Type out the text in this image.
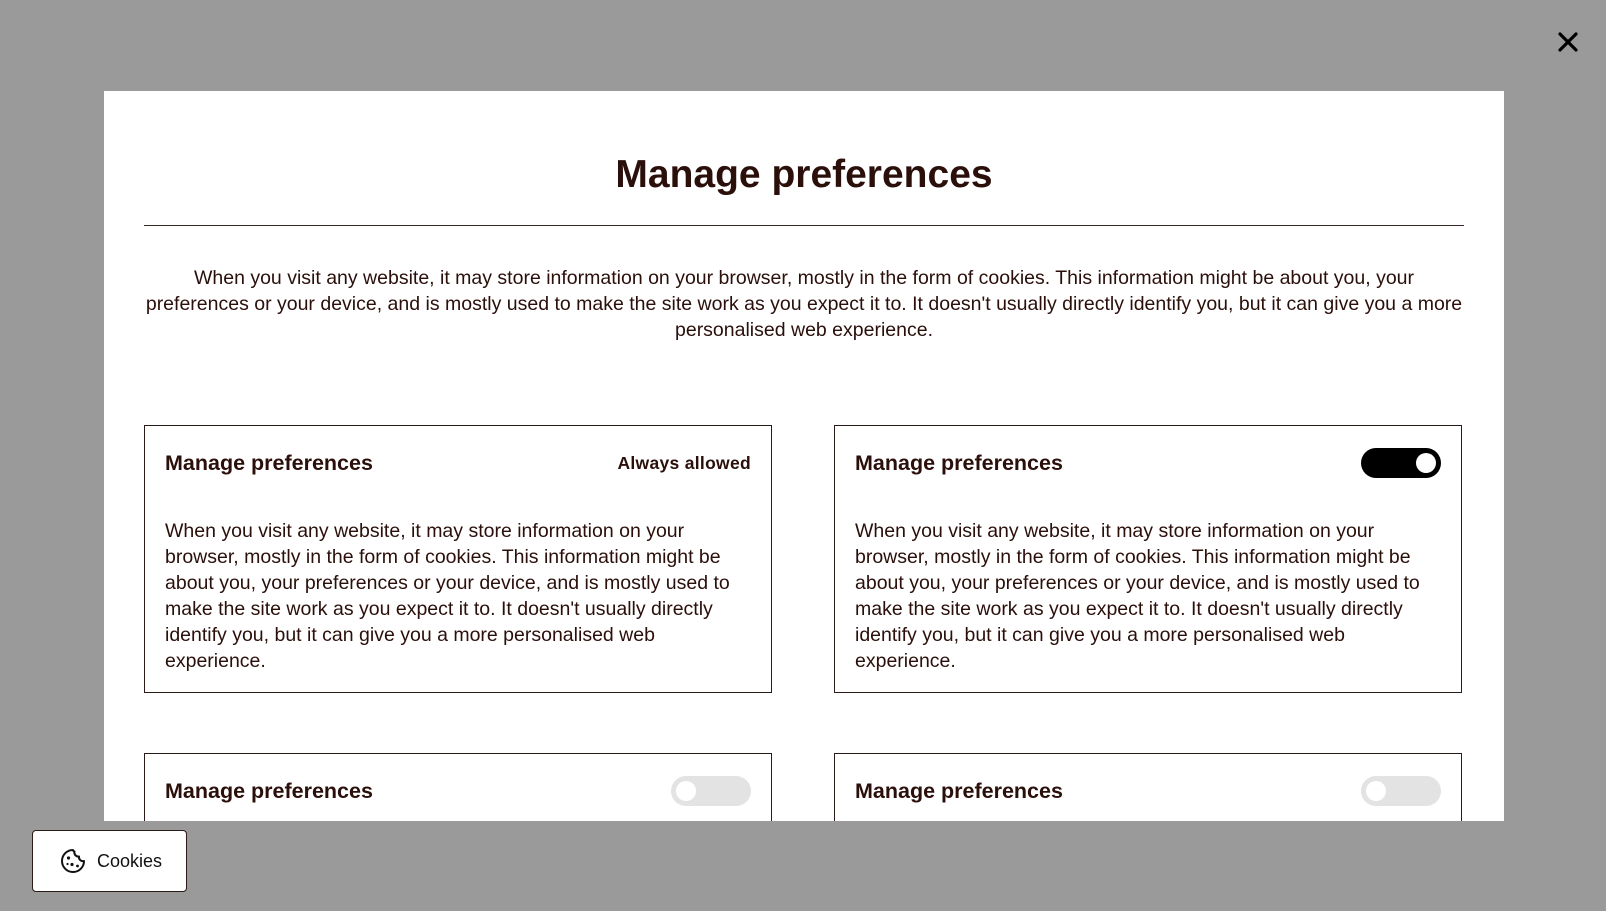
Manage preferences

When you visit any website, it may store information on your browser, mostly in the form of cookies. This information might be about you, your preferences or your device, and is mostly used to make the site work as you expect it to. It doesn't usually directly identify you, but it can give you a more personalised web experience.

Manage preferences	Always allowed

When you visit any website, it may store information on your browser, mostly in the form of cookies. This information might be about you, your preferences or your device, and is mostly used to make the site work as you expect it to. It doesn't usually directly identify you, but it can give you a more personalised web experience.

Manage preferences

When you visit any website, it may store information on your browser, mostly in the form of cookies. This information might be about you, your preferences or your device, and is mostly used to make the site work as you expect it to. It doesn't usually directly identify you, but it can give you a more personalised web experience.

Manage preferences	Manage preferences
Cookies
